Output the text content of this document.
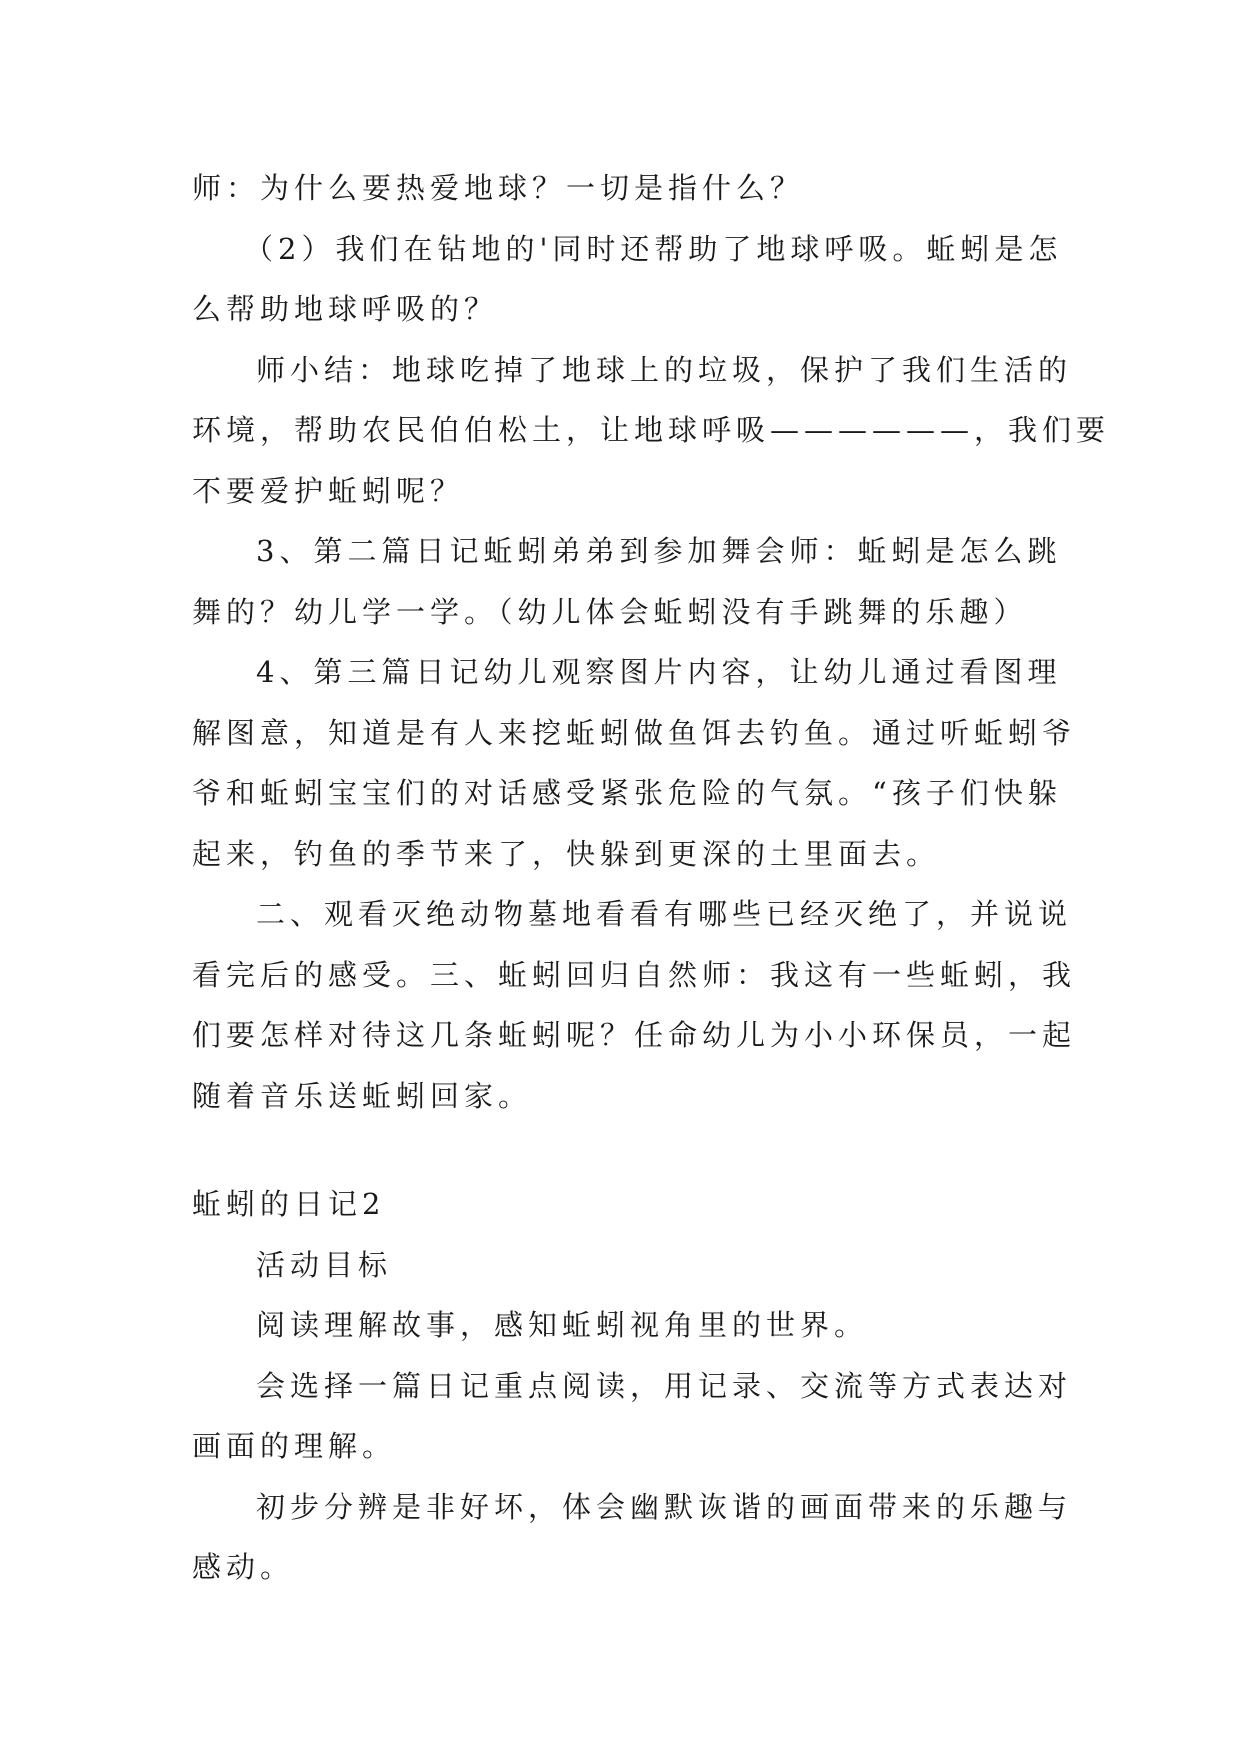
师：为什么要热爱地球？一切是指什么？

（2）我们在钻地的'同时还帮助了地球呼吸。蚯蚓是怎

么帮助地球呼吸的？

师小结：地球吃掉了地球上的垃圾，保护了我们生活的

环境，帮助农民伯伯松土，让地球呼吸——————，我们要

不要爱护蚯蚓呢？

3、第二篇日记蚯蚓弟弟到参加舞会师：蚯蚓是怎么跳

舞的？幼儿学一学。（幼儿体会蚯蚓没有手跳舞的乐趣）

4、第三篇日记幼儿观察图片内容，让幼儿通过看图理

解图意，知道是有人来挖蚯蚓做鱼饵去钓鱼。通过听蚯蚓爷

爷和蚯蚓宝宝们的对话感受紧张危险的气氛。“孩子们快躲

起来，钓鱼的季节来了，快躲到更深的土里面去。

二、观看灭绝动物墓地看看有哪些已经灭绝了，并说说

看完后的感受。三、蚯蚓回归自然师：我这有一些蚯蚓，我

们要怎样对待这几条蚯蚓呢？任命幼儿为小小环保员，一起

随着音乐送蚯蚓回家。

蚯蚓的日记2

活动目标

阅读理解故事，感知蚯蚓视角里的世界。

会选择一篇日记重点阅读，用记录、交流等方式表达对

画面的理解。

初步分辨是非好坏，体会幽默诙谐的画面带来的乐趣与

感动。
